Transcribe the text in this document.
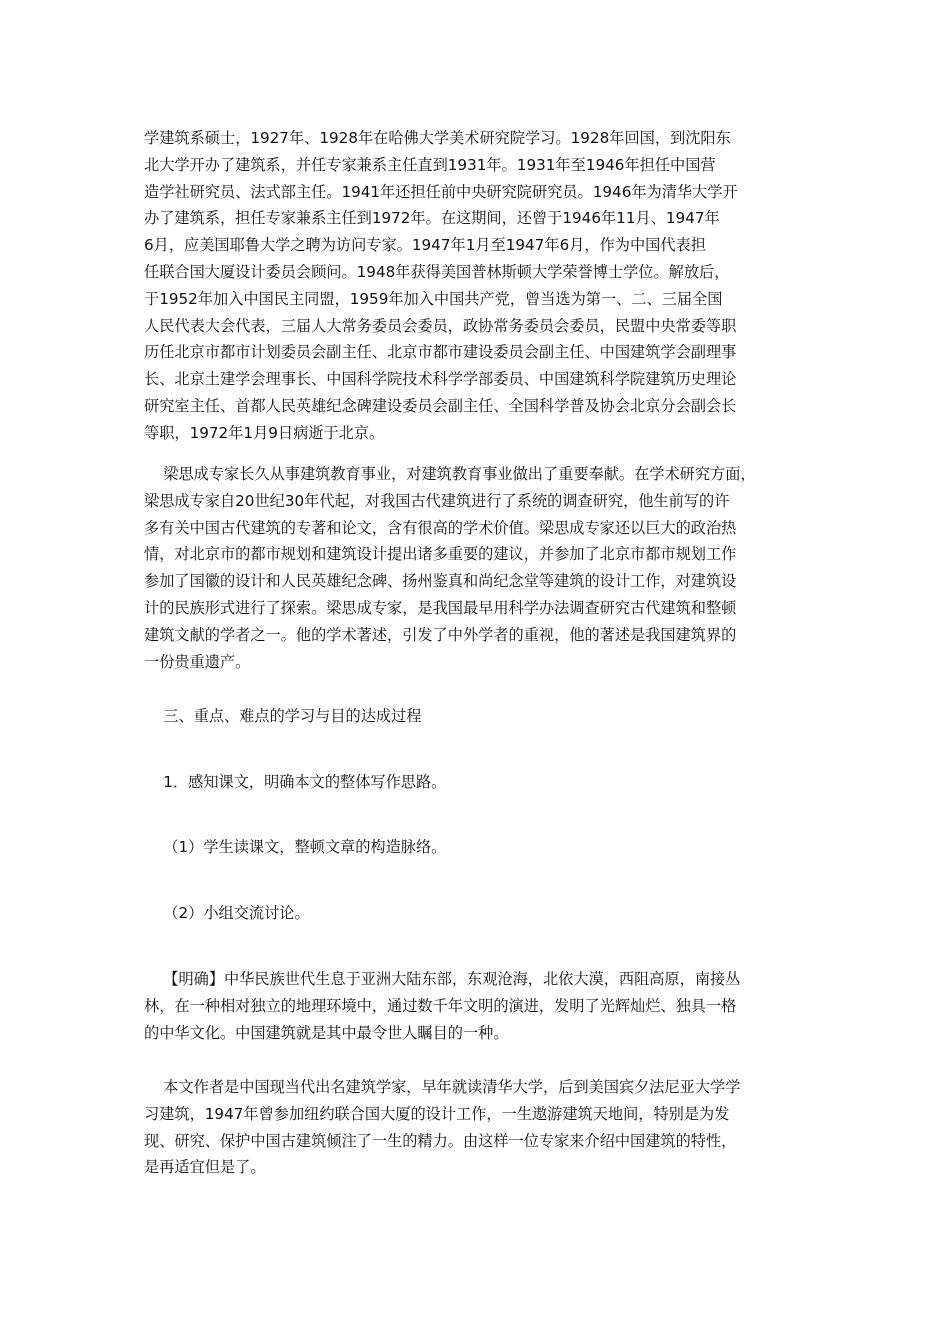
学建筑系硕士，1927年、1928年在哈佛大学美术研究院学习。1928年回国，到沈阳东
北大学开办了建筑系，并任专家兼系主任直到1931年。1931年至1946年担任中国营
造学社研究员、法式部主任。1941年还担任前中央研究院研究员。1946年为清华大学开
办了建筑系，担任专家兼系主任到1972年。在这期间，还曾于1946年11月、1947年
6月，应美国耶鲁大学之聘为访问专家。1947年1月至1947年6月，作为中国代表担
任联合国大厦设计委员会顾问。1948年获得美国普林斯顿大学荣誉博士学位。解放后，
于1952年加入中国民主同盟，1959年加入中国共产党，曾当选为第一、二、三届全国
人民代表大会代表，三届人大常务委员会委员，政协常务委员会委员，民盟中央常委等职
历任北京市都市计划委员会副主任、北京市都市建设委员会副主任、中国建筑学会副理事
长、北京土建学会理事长、中国科学院技术科学学部委员、中国建筑科学院建筑历史理论
研究室主任、首都人民英雄纪念碑建设委员会副主任、全国科学普及协会北京分会副会长
等职，1972年1月9日病逝于北京。

梁思成专家长久从事建筑教育事业，对建筑教育事业做出了重要奉献。在学术研究方面，
梁思成专家自20世纪30年代起，对我国古代建筑进行了系统的调查研究，他生前写的许
多有关中国古代建筑的专著和论文，含有很高的学术价值。梁思成专家还以巨大的政治热
情，对北京市的都市规划和建筑设计提出诸多重要的建议，并参加了北京市都市规划工作
参加了国徽的设计和人民英雄纪念碑、扬州鉴真和尚纪念堂等建筑的设计工作，对建筑设
计的民族形式进行了探索。梁思成专家，是我国最早用科学办法调查研究古代建筑和整顿
建筑文献的学者之一。他的学术著述，引发了中外学者的重视，他的著述是我国建筑界的
一份贵重遗产。

三、重点、难点的学习与目的达成过程

1．感知课文，明确本文的整体写作思路。

（1）学生读课文，整顿文章的构造脉络。

（2）小组交流讨论。

【明确】中华民族世代生息于亚洲大陆东部，东观沧海，北依大漠，西阻高原，南接丛
林，在一种相对独立的地理环境中，通过数千年文明的演进，发明了光辉灿烂、独具一格
的中华文化。中国建筑就是其中最令世人瞩目的一种。

本文作者是中国现当代出名建筑学家，早年就读清华大学，后到美国宾夕法尼亚大学学
习建筑，1947年曾参加纽约联合国大厦的设计工作，一生遨游建筑天地间，特别是为发
现、研究、保护中国古建筑倾注了一生的精力。由这样一位专家来介绍中国建筑的特性，
是再适宜但是了。
